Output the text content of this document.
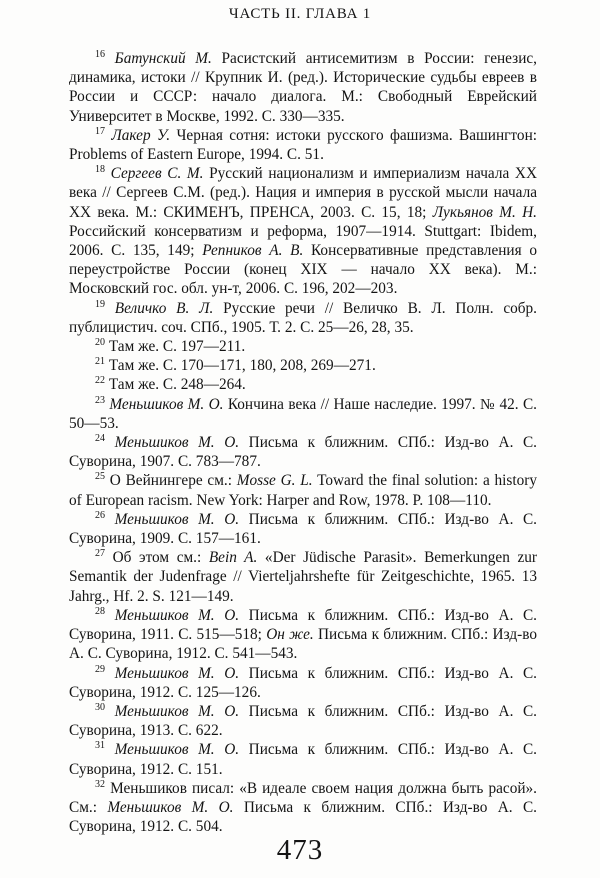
ЧАСТЬ II. ГЛАВА 1

$^{16}$ Батунский М. Расистский антисемитизм в России: генезис, динамика, истоки // Крупник И. (ред.). Исторические судьбы евреев в России и СССР: начало диалога. М.: Свободный Еврейский Университет в Москве, 1992. С. 330—335.

$^{17}$ Лакер У. Черная сотня: истоки русского фашизма. Вашингтон: Problems of Eastern Europe, 1994. С. 51.

$^{18}$ Сергеев С. М. Русский национализм и империализм начала XX века // Сергеев С.М. (ред.). Нация и империя в русской мысли начала XX века. М.: СКИМЕНЪ, ПРЕНСА, 2003. С. 15, 18; Лукьянов М. Н. Российский консерватизм и реформа, 1907—1914. Stuttgart: Ibidem, 2006. С. 135, 149; Репников А. В. Консервативные представления о переустройстве России (конец XIX — начало XX века). М.: Московский гос. обл. ун-т, 2006. С. 196, 202—203.

$^{19}$ Величко В. Л. Русские речи // Величко В. Л. Полн. собр. публицистич. соч. СПб., 1905. Т. 2. С. 25—26, 28, 35.

$^{20}$ Там же. С. 197—211.

$^{21}$ Там же. С. 170—171, 180, 208, 269—271.

$^{22}$ Там же. С. 248—264.

$^{23}$ Меньшиков М. О. Кончина века // Наше наследие. 1997. № 42. С. 50—53.

$^{24}$ Меньшиков М. О. Письма к ближним. СПб.: Изд-во А. С. Суворина, 1907. С. 783—787.

$^{25}$ О Вейнингере см.: Mosse G. L. Toward the final solution: a history of European racism. New York: Harper and Row, 1978. P. 108—110.

$^{26}$ Меньшиков М. О. Письма к ближним. СПб.: Изд-во А. С. Суворина, 1909. С. 157—161.

$^{27}$ Об этом см.: Bein A. «Der Jüdische Parasit». Bemerkungen zur Semantik der Judenfrage // Vierteljahrshefte für Zeitgeschichte, 1965. 13 Jahrg., Hf. 2. S. 121—149.

$^{28}$ Меньшиков М. О. Письма к ближним. СПб.: Изд-во А. С. Суворина, 1911. С. 515—518; Он же. Письма к ближним. СПб.: Изд-во А. С. Суворина, 1912. С. 541—543.

$^{29}$ Меньшиков М. О. Письма к ближним. СПб.: Изд-во А. С. Суворина, 1912. С. 125—126.

$^{30}$ Меньшиков М. О. Письма к ближним. СПб.: Изд-во А. С. Суворина, 1913. С. 622.

$^{31}$ Меньшиков М. О. Письма к ближним. СПб.: Изд-во А. С. Суворина, 1912. С. 151.

$^{32}$ Меньшиков писал: «В идеале своем нация должна быть расой». См.: Меньшиков М. О. Письма к ближним. СПб.: Изд-во А. С. Суворина, 1912. С. 504.

473
